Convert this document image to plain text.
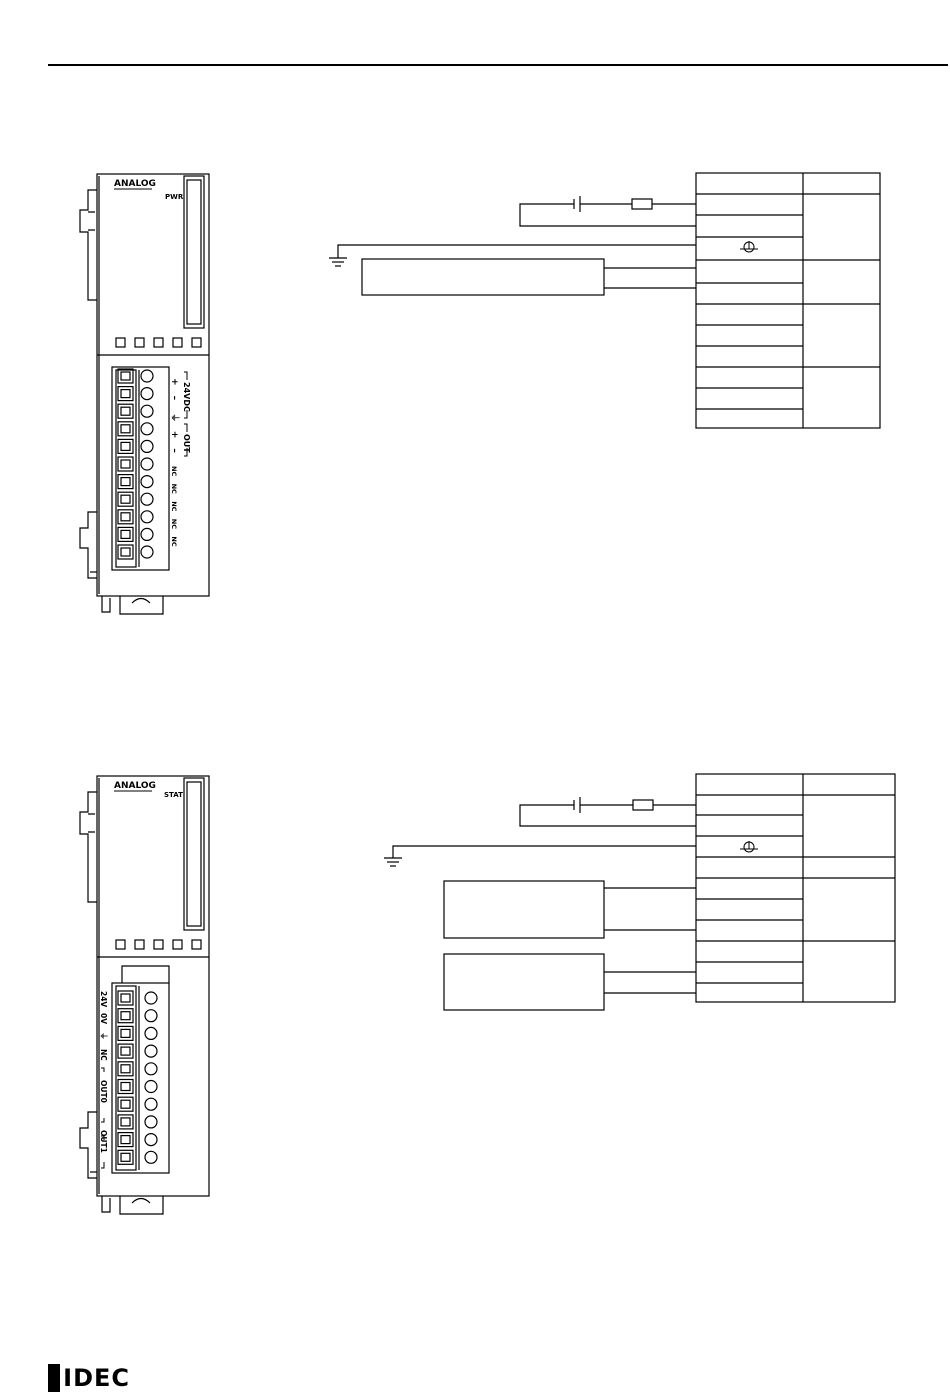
ANALOG
PWR
+
–
⏚
+
–
NC
NC
NC
NC
NC
24VDC
OUT
ANALOG
STAT
24V
0V
⏚
NC
OUT0
OUT1
IDEC
